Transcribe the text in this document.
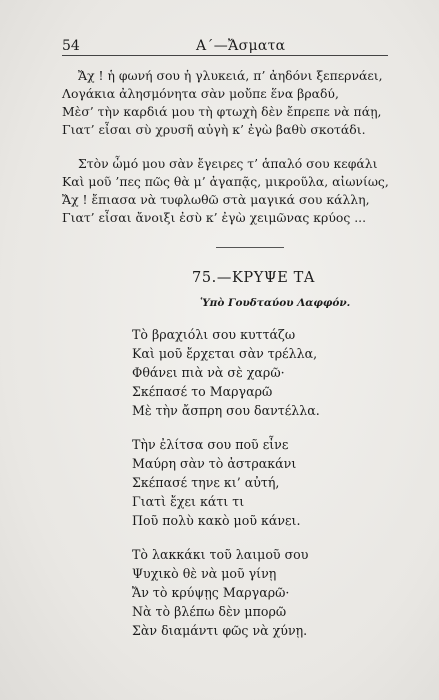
54	Α΄—Ἄσματα
Ἄχ ! ἡ φωνή σου ἡ γλυκειά, π’ ἀηδόνι ξεπερνάει,
Λογάκια ἀλησμόνητα σὰν μοὔπε ἕνα βραδύ,
Μὲσ’ τὴν καρδιά μου τὴ φτωχὴ δὲν ἔπρεπε νὰ πάῃ,
Γιατ’ εἶσαι σὺ χρυσῆ αὐγὴ κ’ ἐγὼ βαθὺ σκοτάδι.
Στὸν ὦμό μου σὰν ἔγειρες τ’ ἁπαλό σου κεφάλι
Καὶ μοῦ ’πες πῶς θὰ μ’ ἀγαπᾷς, μικροῦλα, αἰωνίως,
Ἄχ ! ἔπιασα νὰ τυφλωθῶ στὰ μαγικά σου κάλλη,
Γιατ’ εἶσαι ἄνοιξι ἐσὺ κ’ ἐγὼ χειμῶνας κρύος ...
75.—ΚΡΥΨΕ ΤΑ
Ὑπὸ Γουδταύου Λαφφόν.
Τὸ βραχιόλι σου κυττάζω
Καὶ μοῦ ἔρχεται σὰν τρέλλα,
Φθάνει πιὰ νὰ σὲ χαρῶ·
Σκέπασέ το Μαργαρῶ
Μὲ τὴν ἄσπρη σου δαντέλλα.
Τὴν ἐλίτσα σου ποῦ εἶνε
Μαύρη σὰν τὸ ἀστρακάνι
Σκέπασέ τηνε κι’ αὐτή,
Γιατὶ ἔχει κάτι τι
Ποῦ πολὺ κακὸ μοῦ κάνει.
Τὸ λακκάκι τοῦ λαιμοῦ σου
Ψυχικὸ θὲ νὰ μοῦ γίνῃ
Ἄν τὸ κρύψῃς Μαργαρῶ·
Νὰ τὸ βλέπω δὲν μπορῶ
Σὰν διαμάντι φῶς νὰ χύνῃ.
